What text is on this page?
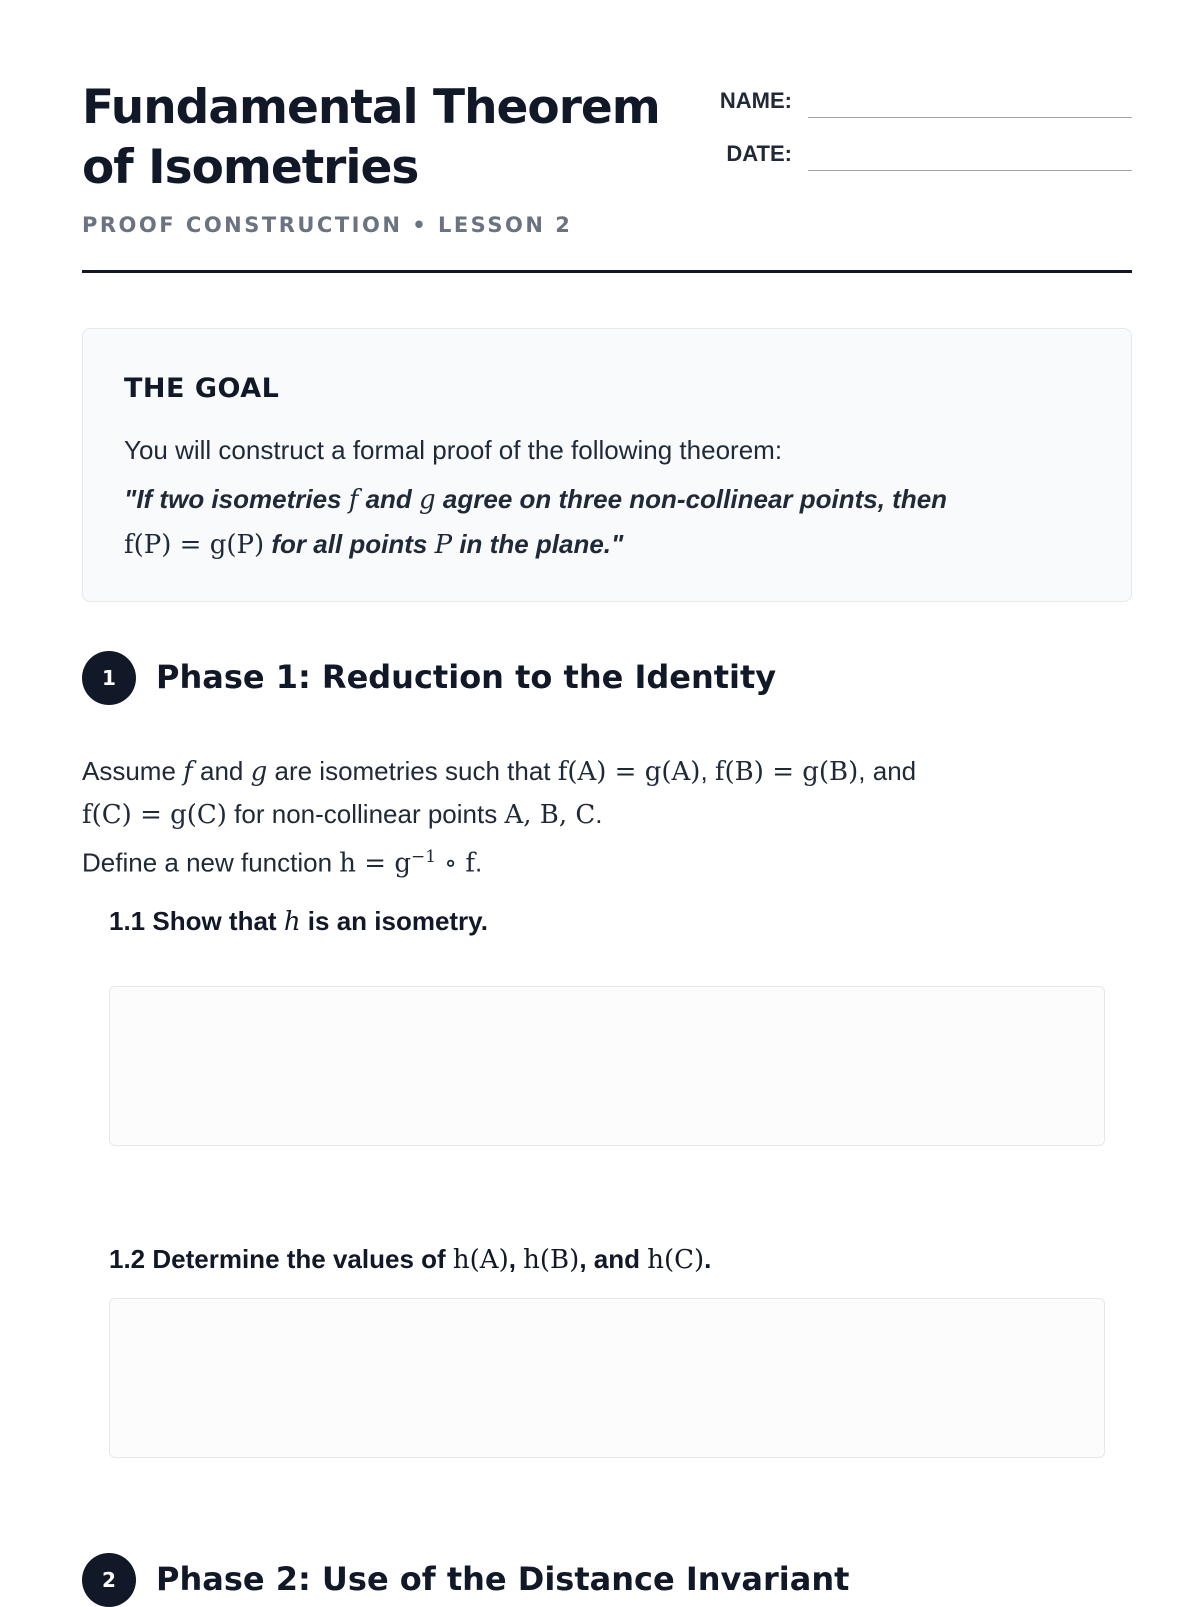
Fundamental Theorem
of Isometries
PROOF CONSTRUCTION • LESSON 2
NAME:
DATE:
THE GOAL
You will construct a formal proof of the following theorem:
"If two isometries f and g agree on three non-collinear points, then
f(P) = g(P) for all points P in the plane."
1	Phase 1: Reduction to the Identity

Assume f and g are isometries such that f(A) = g(A), f(B) = g(B), and
f(C) = g(C) for non-collinear points A, B, C.

Define a new function $h = g^{-1}$ ∘ f.

1.1 Show that h is an isometry.
1.2 Determine the values of h(A), h(B), and h(C).
2	Phase 2: Use of the Distance Invariant
